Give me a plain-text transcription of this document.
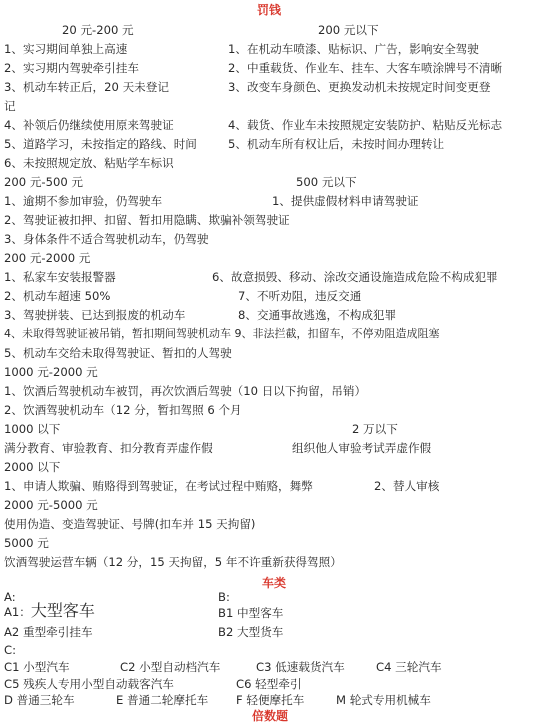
罚钱
20 元-200 元	200 元以下
1、实习期间单独上高速	1、在机动车喷漆、贴标识、广告，影响安全驾驶
2、实习期内驾驶牵引挂车	2、中重载货、作业车、挂车、大客车喷涂牌号不清晰
3、机动车转正后，20 天未登记	3、改变车身颜色、更换发动机未按规定时间变更登
记
4、补领后仍继续使用原来驾驶证	4、载货、作业车未按照规定安装防护、粘贴反光标志
5、道路学习，未按指定的路线、时间	5、机动车所有权让后，未按时间办理转让
6、未按照规定放、粘贴学车标识
200 元-500 元	500 元以下
1、逾期不参加审验，仍驾驶车	1、提供虚假材料申请驾驶证
2、驾驶证被扣押、扣留、暂扣用隐瞒、欺骗补领驾驶证
3、身体条件不适合驾驶机动车，仍驾驶
200 元-2000 元
1、私家车安装报警器	6、故意损毁、移动、涂改交通设施造成危险不构成犯罪
2、机动车超速 50%	7、不听劝阻，违反交通
3、驾驶拼装、已达到报废的机动车	8、交通事故逃逸，不构成犯罪
4、未取得驾驶证被吊销，暂扣期间驾驶机动车 9、非法拦截，扣留车，不停劝阻造成阻塞
5、机动车交给未取得驾驶证、暂扣的人驾驶
1000 元-2000 元
1、饮酒后驾驶机动车被罚，再次饮酒后驾驶（10 日以下拘留，吊销）
2、饮酒驾驶机动车（12 分，暂扣驾照 6 个月
1000 以下	2 万以下
满分教育、审验教育、扣分教育弄虚作假	组织他人审验考试弄虚作假
2000 以下
1、申请人欺骗、贿赂得到驾驶证，在考试过程中贿赂，舞弊	2、替人审核
2000 元-5000 元
使用伪造、变造驾驶证、号牌(扣车并 15 天拘留)
5000 元
饮酒驾驶运营车辆（12 分，15 天拘留，5 年不许重新获得驾照）
车类
A:	B:
A1：大型客车	B1 中型客车
A2 重型牵引挂车	B2 大型货车
C:
C1 小型汽车	C2 小型自动档汽车	C3 低速载货汽车	C4 三轮汽车
C5 残疾人专用小型自动载客汽车	C6 轻型牵引
D 普通三轮车	E 普通二轮摩托车 F 轻便摩托车	M 轮式专用机械车
倍数题
